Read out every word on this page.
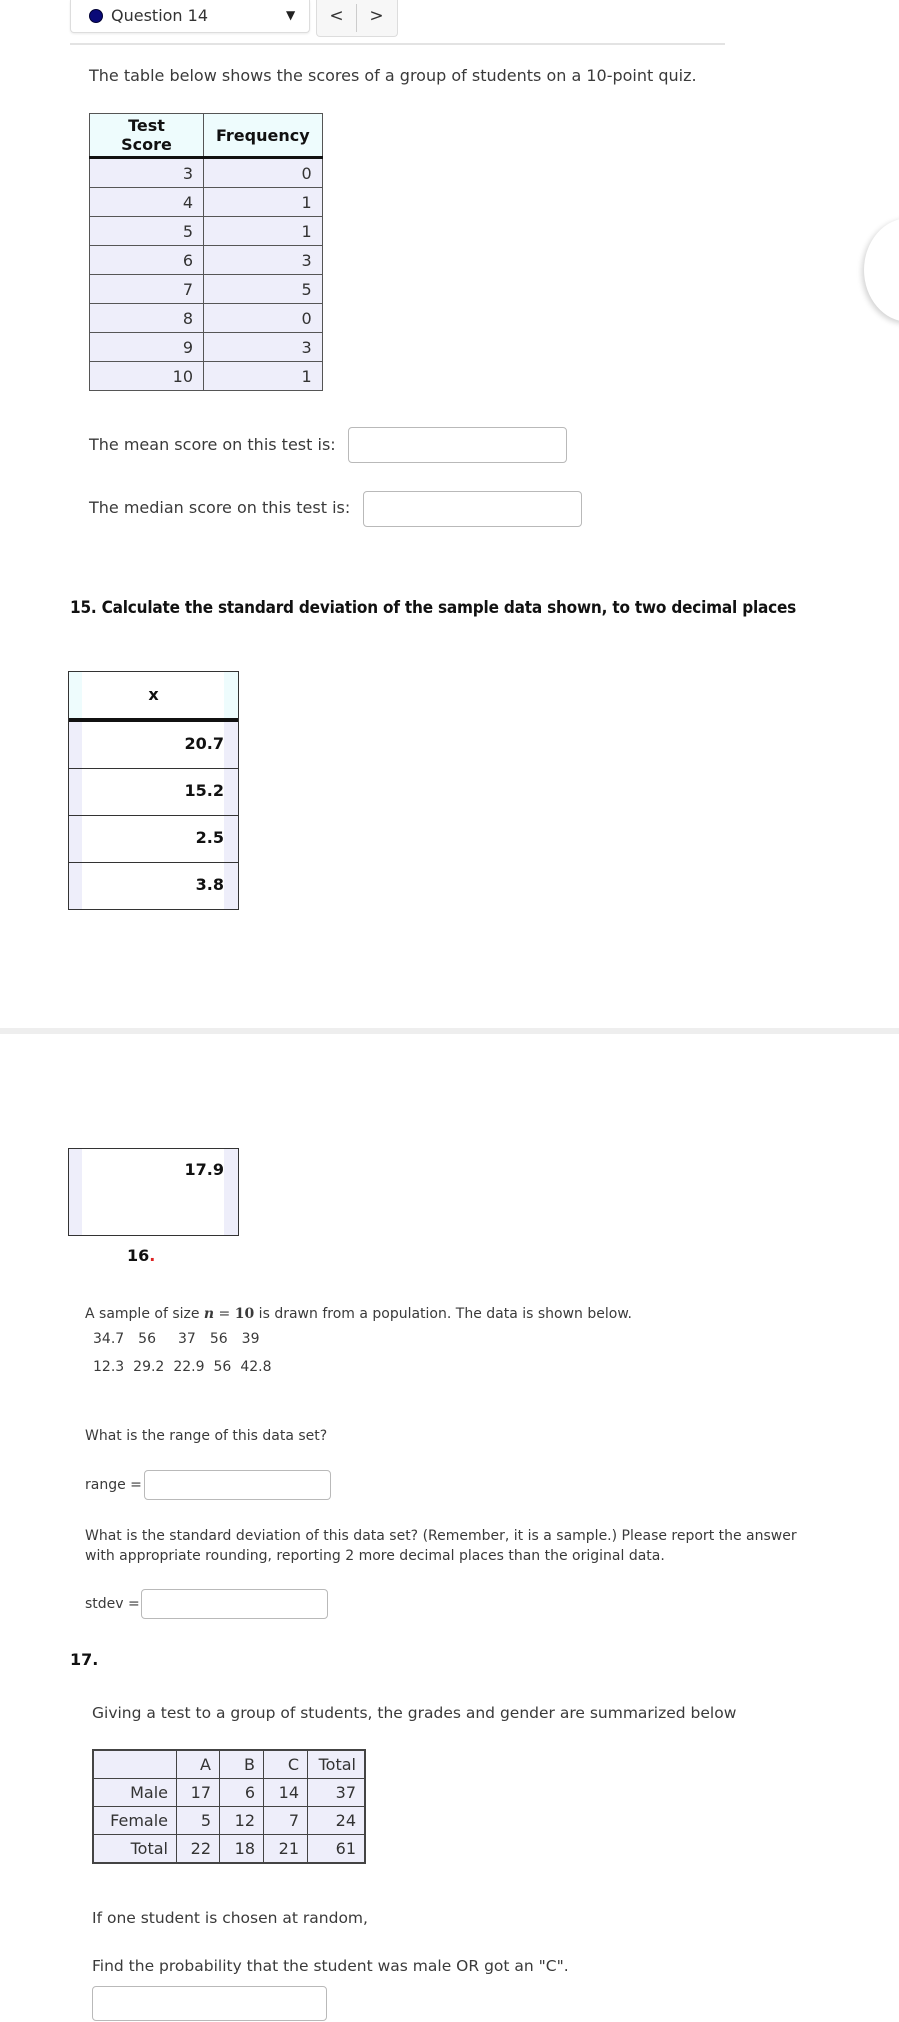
Question 14	▼	<	>
The table below shows the scores of a group of students on a 10-point quiz.
Test Score	Frequency
3	0
4	1
5	1
6	3
7	5
8	0
9	3
10	1
The mean score on this test is:
The median score on this test is:
15. Calculate the standard deviation of the sample data shown, to two decimal places
x
20.7
15.2
2.5
3.8
17.9
16.
A sample of size n = 10 is drawn from a population. The data is shown below.
34.7 56 37 56 39
12.3 29.2 22.9 56 42.8
What is the range of this data set?
range =
What is the standard deviation of this data set? (Remember, it is a sample.) Please report the answer with appropriate rounding, reporting 2 more decimal places than the original data.
stdev =
17.
Giving a test to a group of students, the grades and gender are summarized below
	A	B	C	Total
Male	17	6	14	37
Female	5	12	7	24
Total	22	18	21	61
If one student is chosen at random,
Find the probability that the student was male OR got an "C".
